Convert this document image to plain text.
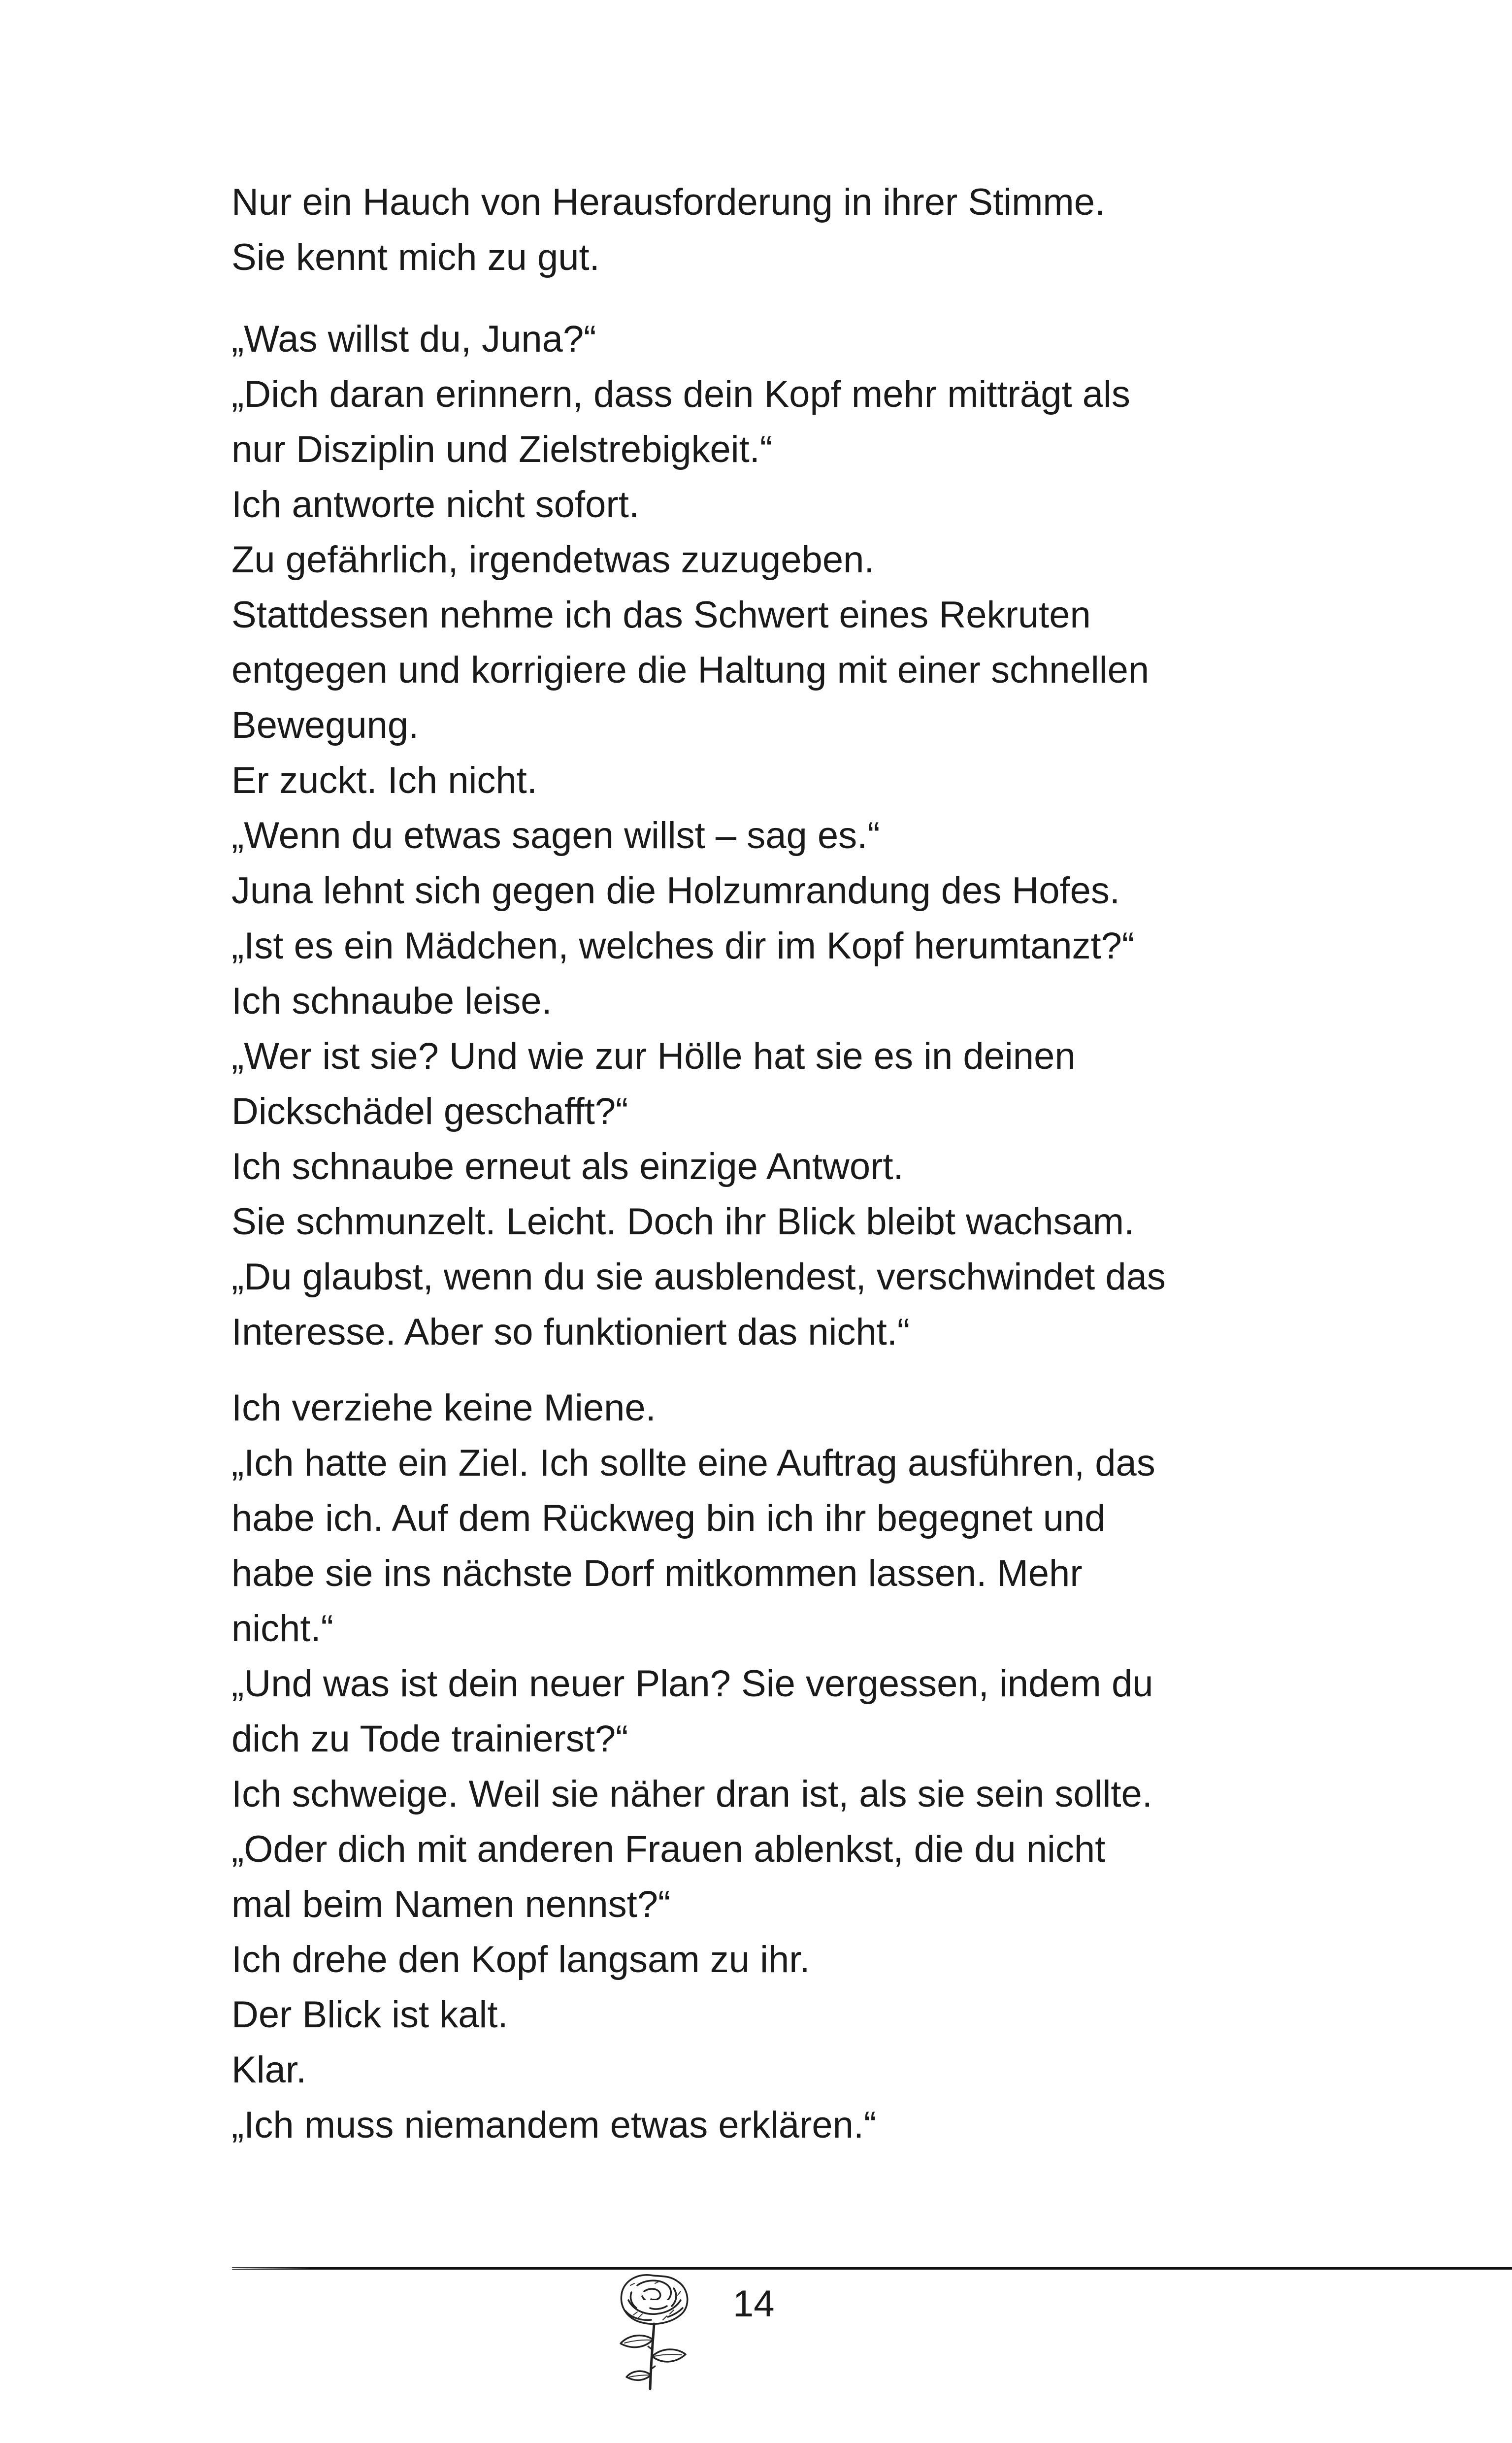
Nur ein Hauch von Herausforderung in ihrer Stimme.
Sie kennt mich zu gut.
„Was willst du, Juna?“
„Dich daran erinnern, dass dein Kopf mehr mitträgt als
nur Disziplin und Zielstrebigkeit.“
Ich antworte nicht sofort.
Zu gefährlich, irgendetwas zuzugeben.
Stattdessen nehme ich das Schwert eines Rekruten
entgegen und korrigiere die Haltung mit einer schnellen
Bewegung.
Er zuckt. Ich nicht.
„Wenn du etwas sagen willst – sag es.“
Juna lehnt sich gegen die Holzumrandung des Hofes.
„Ist es ein Mädchen, welches dir im Kopf herumtanzt?“
Ich schnaube leise.
„Wer ist sie? Und wie zur Hölle hat sie es in deinen
Dickschädel geschafft?“
Ich schnaube erneut als einzige Antwort.
Sie schmunzelt. Leicht. Doch ihr Blick bleibt wachsam.
„Du glaubst, wenn du sie ausblendest, verschwindet das
Interesse. Aber so funktioniert das nicht.“
Ich verziehe keine Miene.
„Ich hatte ein Ziel. Ich sollte eine Auftrag ausführen, das
habe ich. Auf dem Rückweg bin ich ihr begegnet und
habe sie ins nächste Dorf mitkommen lassen. Mehr
nicht.“
„Und was ist dein neuer Plan? Sie vergessen, indem du
dich zu Tode trainierst?“
Ich schweige. Weil sie näher dran ist, als sie sein sollte.
„Oder dich mit anderen Frauen ablenkst, die du nicht
mal beim Namen nennst?“
Ich drehe den Kopf langsam zu ihr.
Der Blick ist kalt.
Klar.
„Ich muss niemandem etwas erklären.“
14
